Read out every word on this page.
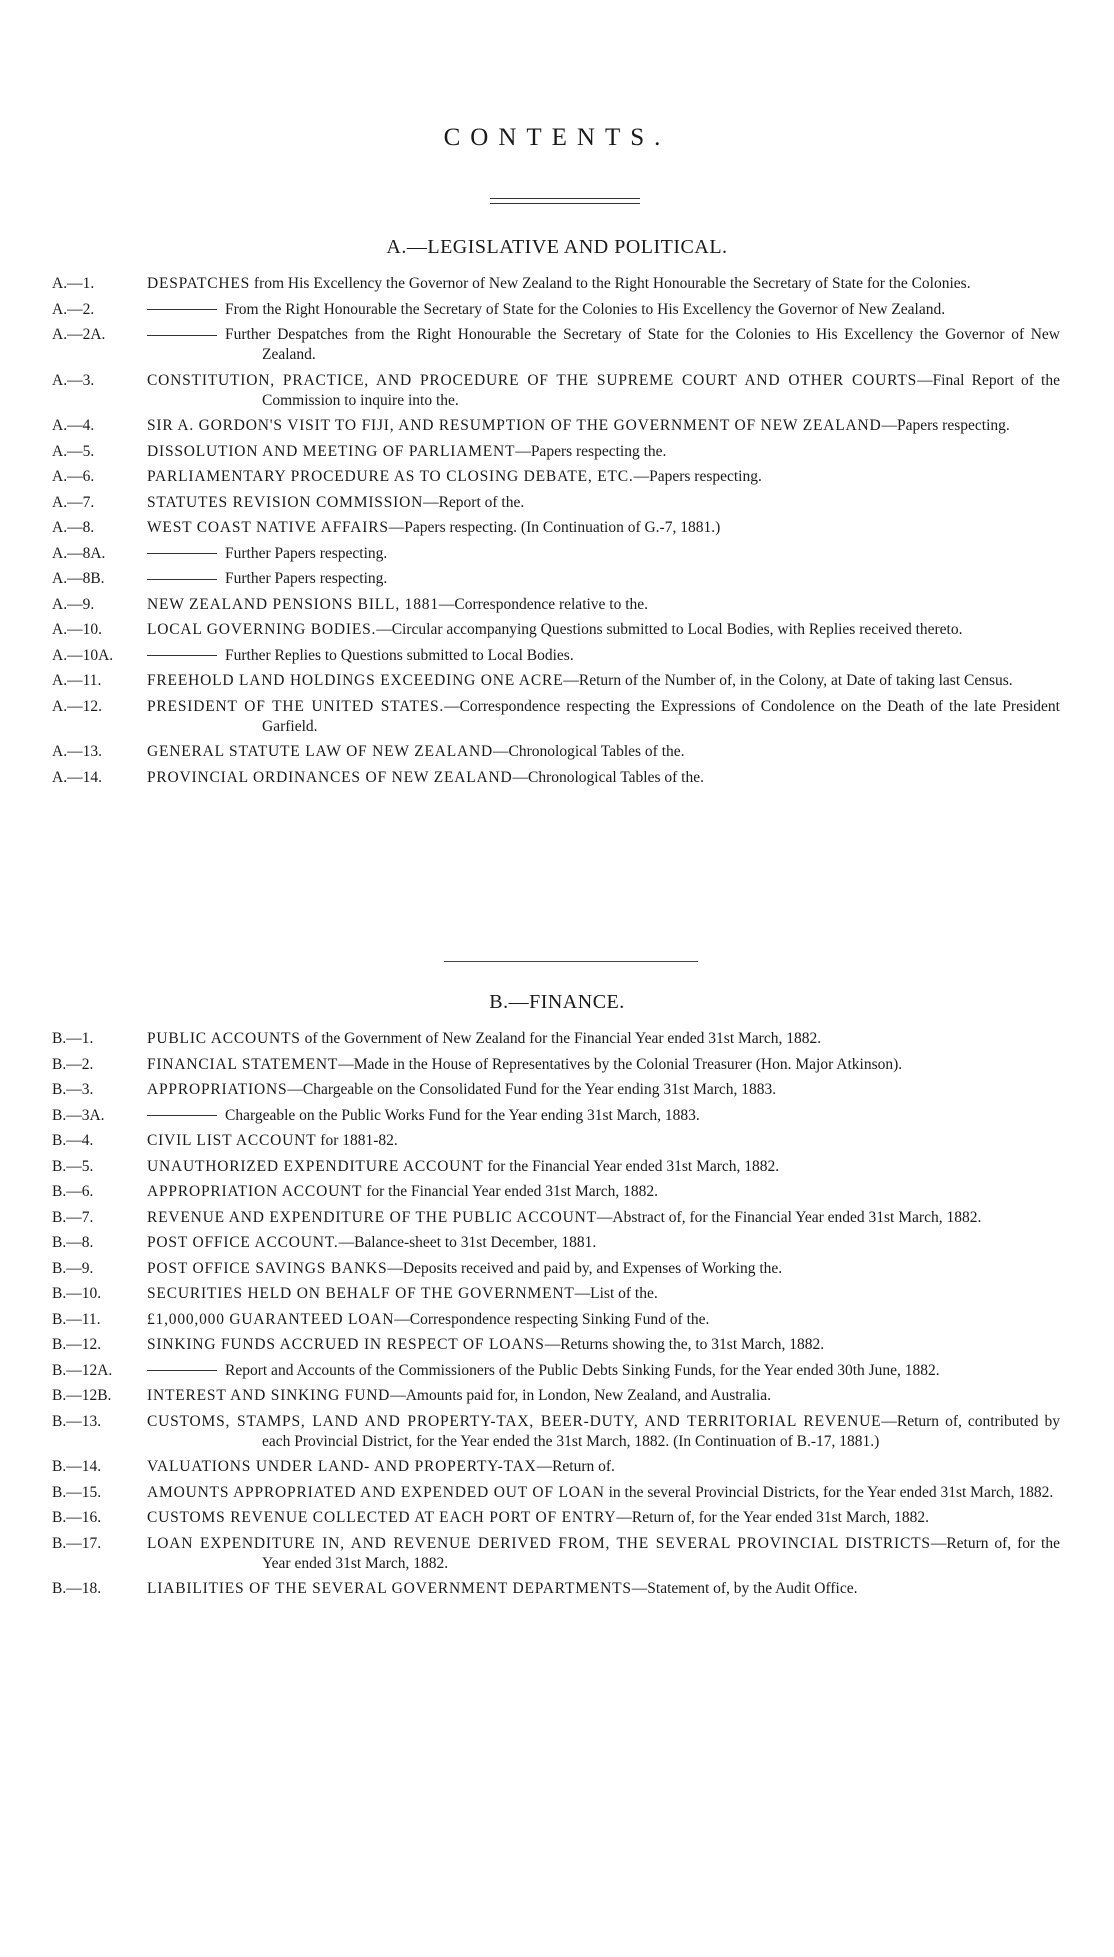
CONTENTS.
A.—LEGISLATIVE AND POLITICAL.
A.—1.	DESPATCHES from His Excellency the Governor of New Zealand to the Right Honourable the Secretary of State for the Colonies.
A.—2.	From the Right Honourable the Secretary of State for the Colonies to His Excellency the Governor of New Zealand.
A.—2A.	Further Despatches from the Right Honourable the Secretary of State for the Colonies to His Excellency the Governor of New Zealand.
A.—3.	CONSTITUTION, PRACTICE, AND PROCEDURE OF THE SUPREME COURT AND OTHER COURTS—Final Report of the Commission to inquire into the.
A.—4.	SIR A. GORDON'S VISIT TO FIJI, AND RESUMPTION OF THE GOVERNMENT OF NEW ZEALAND—Papers respecting.
A.—5.	DISSOLUTION AND MEETING OF PARLIAMENT—Papers respecting the.
A.—6.	PARLIAMENTARY PROCEDURE AS TO CLOSING DEBATE, ETC.—Papers respecting.
A.—7.	STATUTES REVISION COMMISSION—Report of the.
A.—8.	WEST COAST NATIVE AFFAIRS—Papers respecting. (In Continuation of G.-7, 1881.)
A.—8A.	Further Papers respecting.
A.—8B.	Further Papers respecting.
A.—9.	NEW ZEALAND PENSIONS BILL, 1881—Correspondence relative to the.
A.—10.	LOCAL GOVERNING BODIES.—Circular accompanying Questions submitted to Local Bodies, with Replies received thereto.
A.—10A.	Further Replies to Questions submitted to Local Bodies.
A.—11.	FREEHOLD LAND HOLDINGS EXCEEDING ONE ACRE—Return of the Number of, in the Colony, at Date of taking last Census.
A.—12.	PRESIDENT OF THE UNITED STATES.—Correspondence respecting the Expressions of Condolence on the Death of the late President Garfield.
A.—13.	GENERAL STATUTE LAW OF NEW ZEALAND—Chronological Tables of the.
A.—14.	PROVINCIAL ORDINANCES OF NEW ZEALAND—Chronological Tables of the.
B.—FINANCE.
B.—1.	PUBLIC ACCOUNTS of the Government of New Zealand for the Financial Year ended 31st March, 1882.
B.—2.	FINANCIAL STATEMENT—Made in the House of Representatives by the Colonial Treasurer (Hon. Major Atkinson).
B.—3.	APPROPRIATIONS—Chargeable on the Consolidated Fund for the Year ending 31st March, 1883.
B.—3A.	Chargeable on the Public Works Fund for the Year ending 31st March, 1883.
B.—4.	CIVIL LIST ACCOUNT for 1881-82.
B.—5.	UNAUTHORIZED EXPENDITURE ACCOUNT for the Financial Year ended 31st March, 1882.
B.—6.	APPROPRIATION ACCOUNT for the Financial Year ended 31st March, 1882.
B.—7.	REVENUE AND EXPENDITURE OF THE PUBLIC ACCOUNT—Abstract of, for the Financial Year ended 31st March, 1882.
B.—8.	POST OFFICE ACCOUNT.—Balance-sheet to 31st December, 1881.
B.—9.	POST OFFICE SAVINGS BANKS—Deposits received and paid by, and Expenses of Working the.
B.—10.	SECURITIES HELD ON BEHALF OF THE GOVERNMENT—List of the.
B.—11.	£1,000,000 GUARANTEED LOAN—Correspondence respecting Sinking Fund of the.
B.—12.	SINKING FUNDS ACCRUED IN RESPECT OF LOANS—Returns showing the, to 31st March, 1882.
B.—12A.	Report and Accounts of the Commissioners of the Public Debts Sinking Funds, for the Year ended 30th June, 1882.
B.—12B.	INTEREST AND SINKING FUND—Amounts paid for, in London, New Zealand, and Australia.
B.—13.	CUSTOMS, STAMPS, LAND AND PROPERTY-TAX, BEER-DUTY, AND TERRITORIAL REVENUE—Return of, contributed by each Provincial District, for the Year ended the 31st March, 1882. (In Continuation of B.-17, 1881.)
B.—14.	VALUATIONS UNDER LAND- AND PROPERTY-TAX—Return of.
B.—15.	AMOUNTS APPROPRIATED AND EXPENDED OUT OF LOAN in the several Provincial Districts, for the Year ended 31st March, 1882.
B.—16.	CUSTOMS REVENUE COLLECTED AT EACH PORT OF ENTRY—Return of, for the Year ended 31st March, 1882.
B.—17.	LOAN EXPENDITURE IN, AND REVENUE DERIVED FROM, THE SEVERAL PROVINCIAL DISTRICTS—Return of, for the Year ended 31st March, 1882.
B.—18.	LIABILITIES OF THE SEVERAL GOVERNMENT DEPARTMENTS—Statement of, by the Audit Office.
